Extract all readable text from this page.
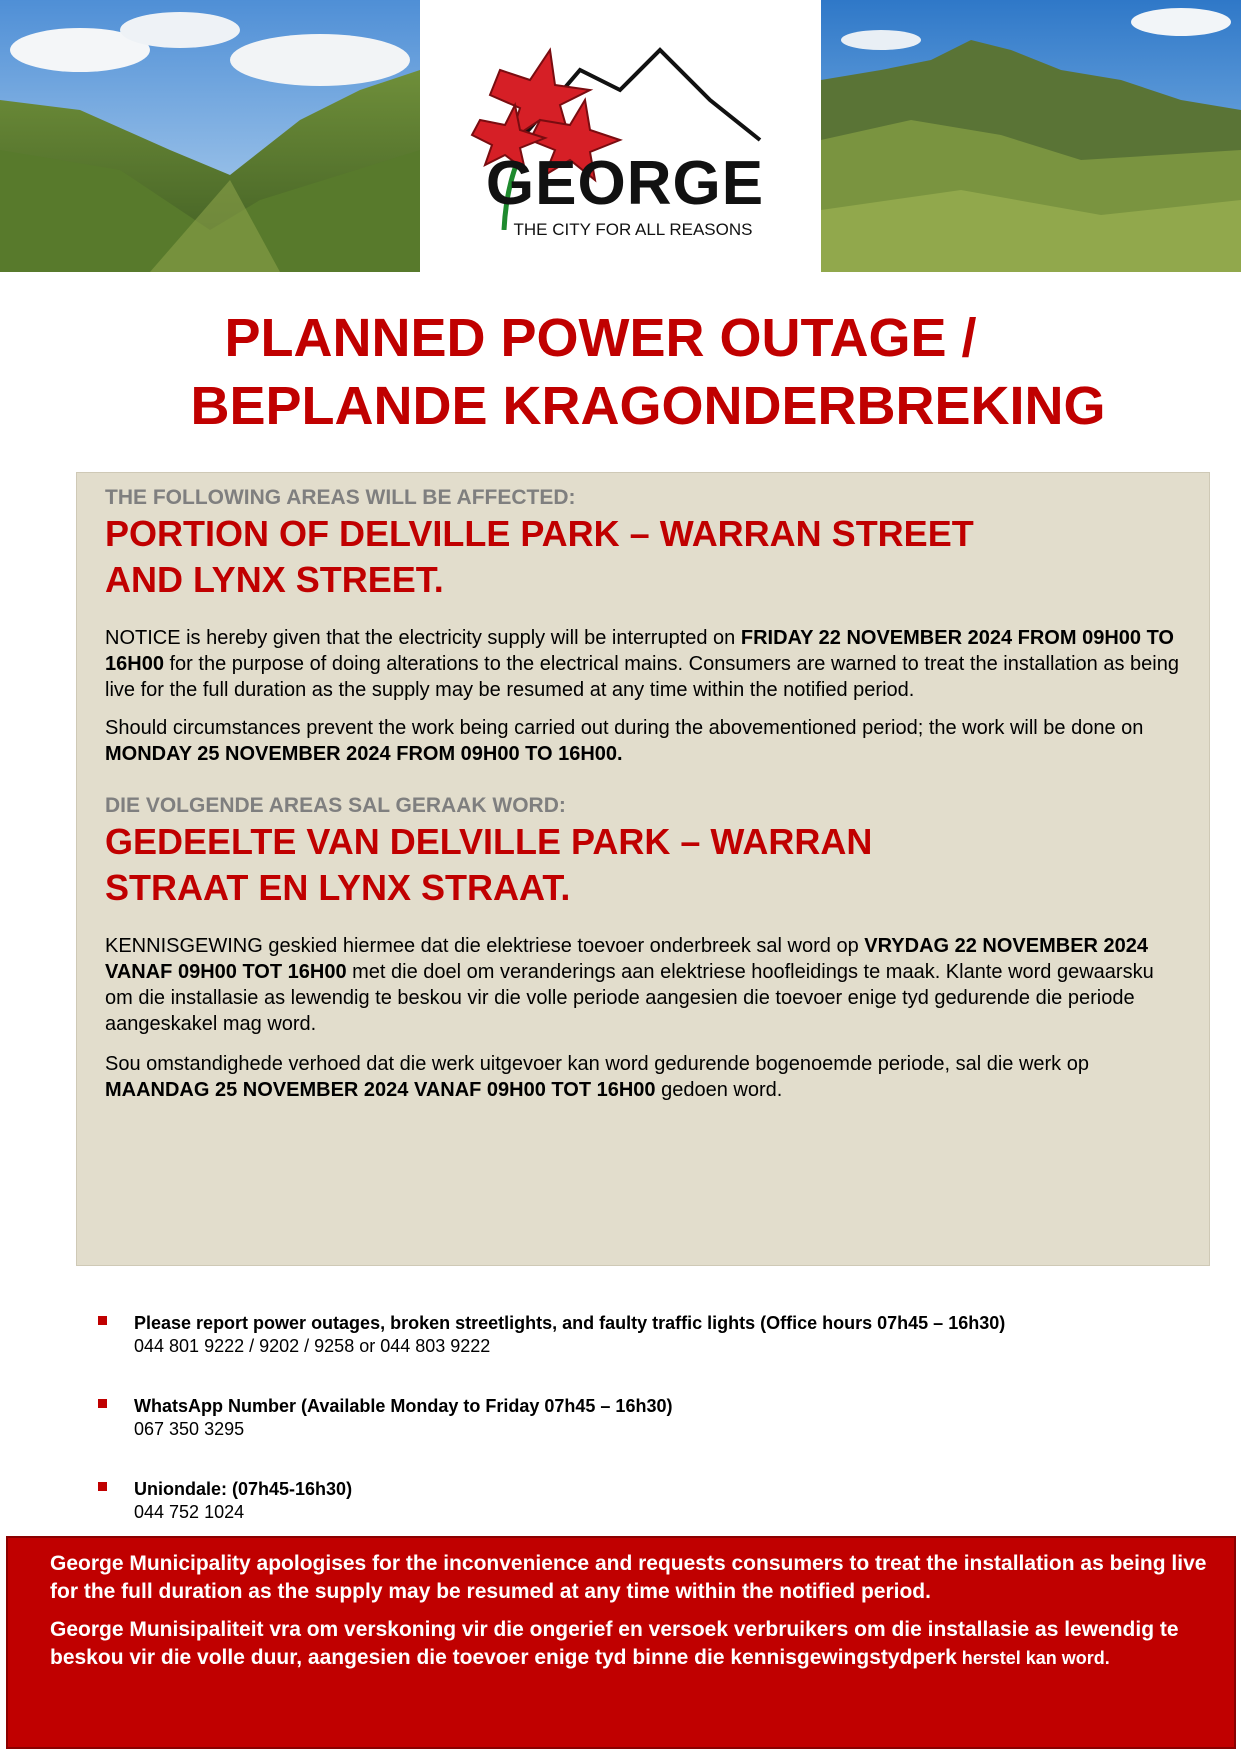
GEORGE
THE CITY FOR ALL REASONS
PLANNED POWER OUTAGE /
BEPLANDE KRAGONDERBREKING

THE FOLLOWING AREAS WILL BE AFFECTED:

PORTION OF DELVILLE PARK – WARRAN STREET
AND LYNX STREET.

NOTICE is hereby given that the electricity supply will be interrupted on FRIDAY 22 NOVEMBER 2024 FROM 09H00 TO 16H00 for the purpose of doing alterations to the electrical mains. Consumers are warned to treat the installation as being live for the full duration as the supply may be resumed at any time within the notified period.

Should circumstances prevent the work being carried out during the abovementioned period; the work will be done on MONDAY 25 NOVEMBER 2024 FROM 09H00 TO 16H00.

DIE VOLGENDE AREAS SAL GERAAK WORD:

GEDEELTE VAN DELVILLE PARK – WARRAN
STRAAT EN LYNX STRAAT.

KENNISGEWING geskied hiermee dat die elektriese toevoer onderbreek sal word op VRYDAG 22 NOVEMBER 2024 VANAF 09H00 TOT 16H00 met die doel om veranderings aan elektriese hoofleidings te maak. Klante word gewaarsku om die installasie as lewendig te beskou vir die volle periode aangesien die toevoer enige tyd gedurende die periode aangeskakel mag word.

Sou omstandighede verhoed dat die werk uitgevoer kan word gedurende bogenoemde periode, sal die werk op MAANDAG 25 NOVEMBER 2024 VANAF 09H00 TOT 16H00 gedoen word.

Please report power outages, broken streetlights, and faulty traffic lights (Office hours 07h45 – 16h30)
044 801 9222 / 9202 / 9258 or 044 803 9222
WhatsApp Number (Available Monday to Friday 07h45 – 16h30)
067 350 3295
Uniondale: (07h45-16h30)
044 752 1024

George Municipality apologises for the inconvenience and requests consumers to treat the installation as being live for the full duration as the supply may be resumed at any time within the notified period.

George Munisipaliteit vra om verskoning vir die ongerief en versoek verbruikers om die installasie as lewendig te beskou vir die volle duur, aangesien die toevoer enige tyd binne die kennisgewingstydperk herstel kan word.
